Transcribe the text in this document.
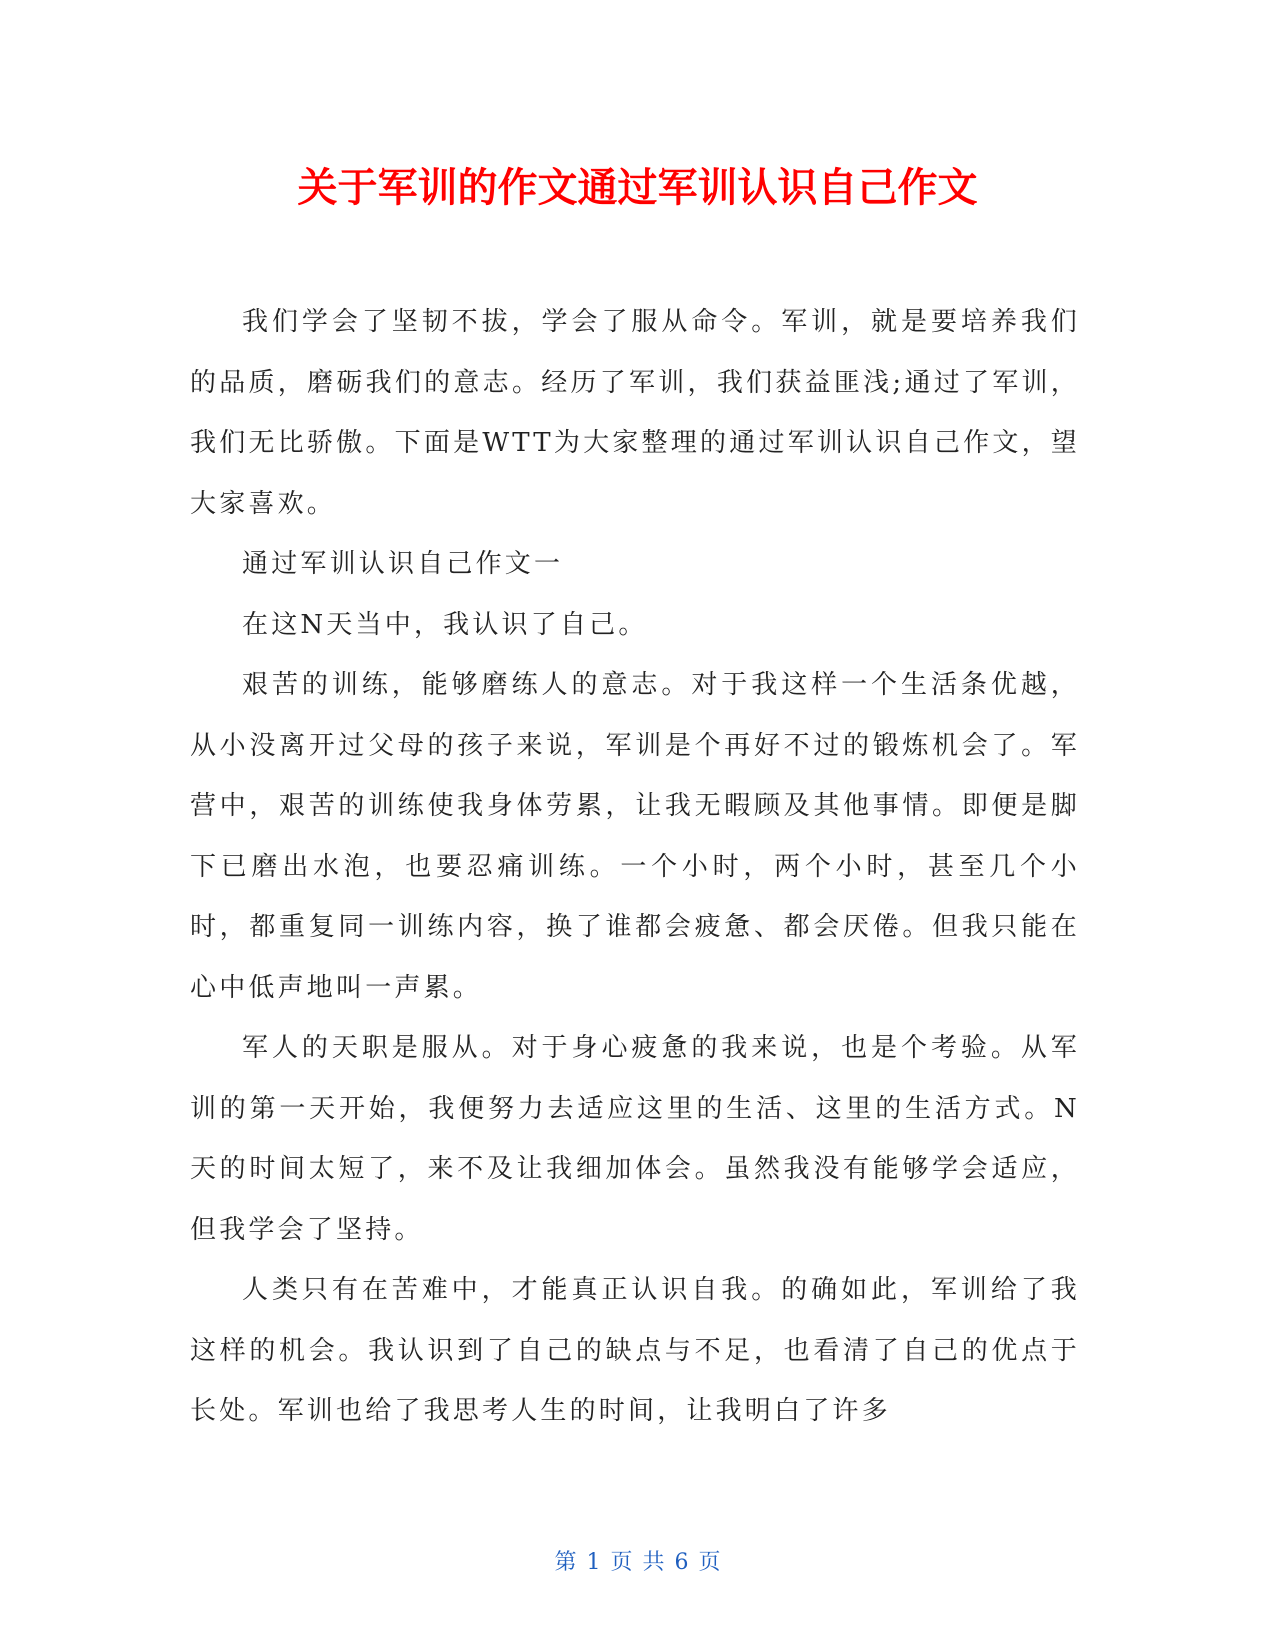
关于军训的作文通过军训认识自己作文

我们学会了坚韧不拔，学会了服从命令。军训，就是要培养我们的品质，磨砺我们的意志。经历了军训，我们获益匪浅;通过了军训，我们无比骄傲。下面是WTT为大家整理的通过军训认识自己作文，望大家喜欢。

通过军训认识自己作文一

在这N天当中，我认识了自己。

艰苦的训练，能够磨练人的意志。对于我这样一个生活条优越，从小没离开过父母的孩子来说，军训是个再好不过的锻炼机会了。军营中，艰苦的训练使我身体劳累，让我无暇顾及其他事情。即便是脚下已磨出水泡，也要忍痛训练。一个小时，两个小时，甚至几个小时，都重复同一训练内容，换了谁都会疲惫、都会厌倦。但我只能在心中低声地叫一声累。

军人的天职是服从。对于身心疲惫的我来说，也是个考验。从军训的第一天开始，我便努力去适应这里的生活、这里的生活方式。N天的时间太短了，来不及让我细加体会。虽然我没有能够学会适应，但我学会了坚持。

人类只有在苦难中，才能真正认识自我。的确如此，军训给了我这样的机会。我认识到了自己的缺点与不足，也看清了自己的优点于长处。军训也给了我思考人生的时间，让我明白了许多

第 1 页 共 6 页
